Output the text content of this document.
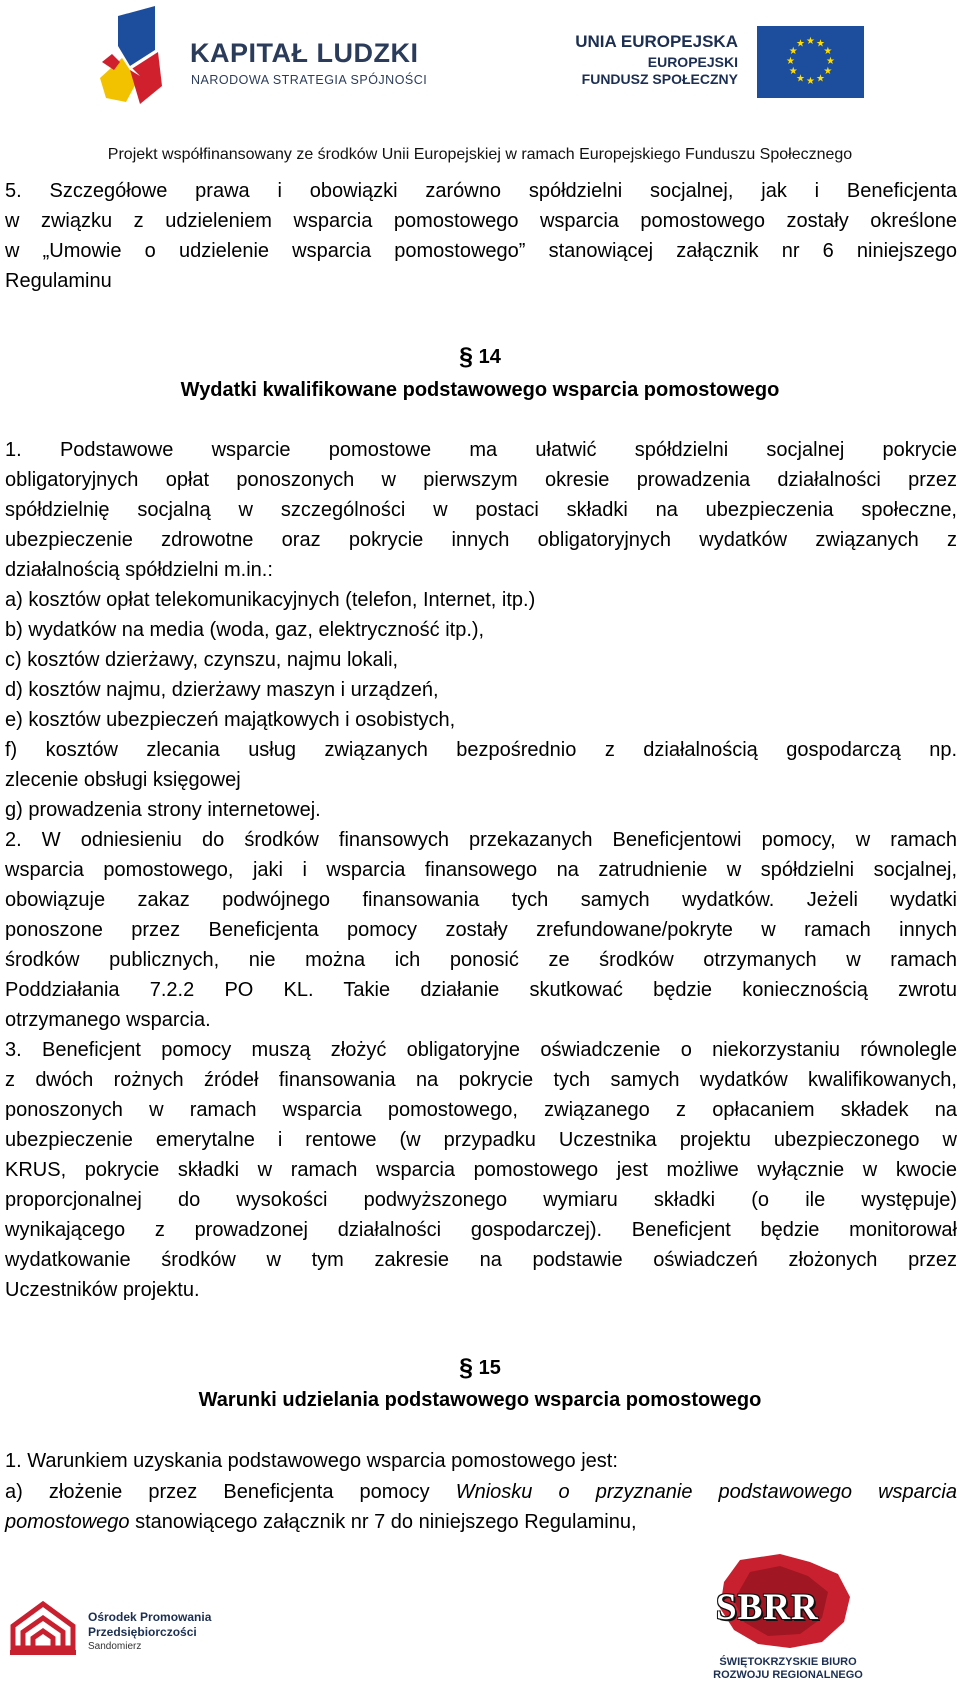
KAPITAŁ LUDZKI
NARODOWA STRATEGIA SPÓJNOŚCI
UNIA EUROPEJSKA
EUROPEJSKI
FUNDUSZ SPOŁECZNY
★ ★
★
★
★
★
★
★
★
★
★
★
Projekt współfinansowany ze środków Unii Europejskiej w ramach Europejskiego Funduszu Społecznego
5. Szczegółowe prawa i obowiązki zarówno spółdzielni socjalnej, jak i Beneficjenta
w związku z udzieleniem wsparcia pomostowego wsparcia pomostowego zostały określone
w „Umowie o udzielenie wsparcia pomostowego” stanowiącej załącznik nr 6 niniejszego
Regulaminu
§ 14
Wydatki kwalifikowane podstawowego wsparcia pomostowego
1. Podstawowe wsparcie pomostowe ma ułatwić spółdzielni socjalnej pokrycie
obligatoryjnych opłat ponoszonych w pierwszym okresie prowadzenia działalności przez
spółdzielnię socjalną w szczególności w postaci składki na ubezpieczenia społeczne,
ubezpieczenie zdrowotne oraz pokrycie innych obligatoryjnych wydatków związanych z
działalnością spółdzielni m.in.:
a) kosztów opłat telekomunikacyjnych (telefon, Internet, itp.)
b) wydatków na media (woda, gaz, elektryczność itp.),
c) kosztów dzierżawy, czynszu, najmu lokali,
d) kosztów najmu, dzierżawy maszyn i urządzeń,
e) kosztów ubezpieczeń majątkowych i osobistych,
f) kosztów zlecania usług związanych bezpośrednio z działalnością gospodarczą np.
zlecenie obsługi księgowej
g) prowadzenia strony internetowej.
2. W odniesieniu do środków finansowych przekazanych Beneficjentowi pomocy, w ramach
wsparcia pomostowego, jaki i wsparcia finansowego na zatrudnienie w spółdzielni socjalnej,
obowiązuje zakaz podwójnego finansowania tych samych wydatków. Jeżeli wydatki
ponoszone przez Beneficjenta pomocy zostały zrefundowane/pokryte w ramach innych
środków publicznych, nie można ich ponosić ze środków otrzymanych w ramach
Poddziałania 7.2.2 PO KL. Takie działanie skutkować będzie koniecznością zwrotu
otrzymanego wsparcia.
3. Beneficjent pomocy muszą złożyć obligatoryjne oświadczenie o niekorzystaniu równolegle
z dwóch rożnych źródeł finansowania na pokrycie tych samych wydatków kwalifikowanych,
ponoszonych w ramach wsparcia pomostowego, związanego z opłacaniem składek na
ubezpieczenie emerytalne i rentowe (w przypadku Uczestnika projektu ubezpieczonego w
KRUS, pokrycie składki w ramach wsparcia pomostowego jest możliwe wyłącznie w kwocie
proporcjonalnej do wysokości podwyższonego wymiaru składki (o ile występuje)
wynikającego z prowadzonej działalności gospodarczej). Beneficjent będzie monitorował
wydatkowanie środków w tym zakresie na podstawie oświadczeń złożonych przez
Uczestników projektu.
§ 15
Warunki udzielania podstawowego wsparcia pomostowego
1. Warunkiem uzyskania podstawowego wsparcia pomostowego jest:
a) złożenie przez Beneficjenta pomocy Wniosku o przyznanie podstawowego wsparcia
pomostowego stanowiącego załącznik nr 7 do niniejszego Regulaminu,
Ośrodek Promowania
Przedsiębiorczości
Sandomierz
SBRR
ŚWIĘTOKRZYSKIE BIURO
ROZWOJU REGIONALNEGO
